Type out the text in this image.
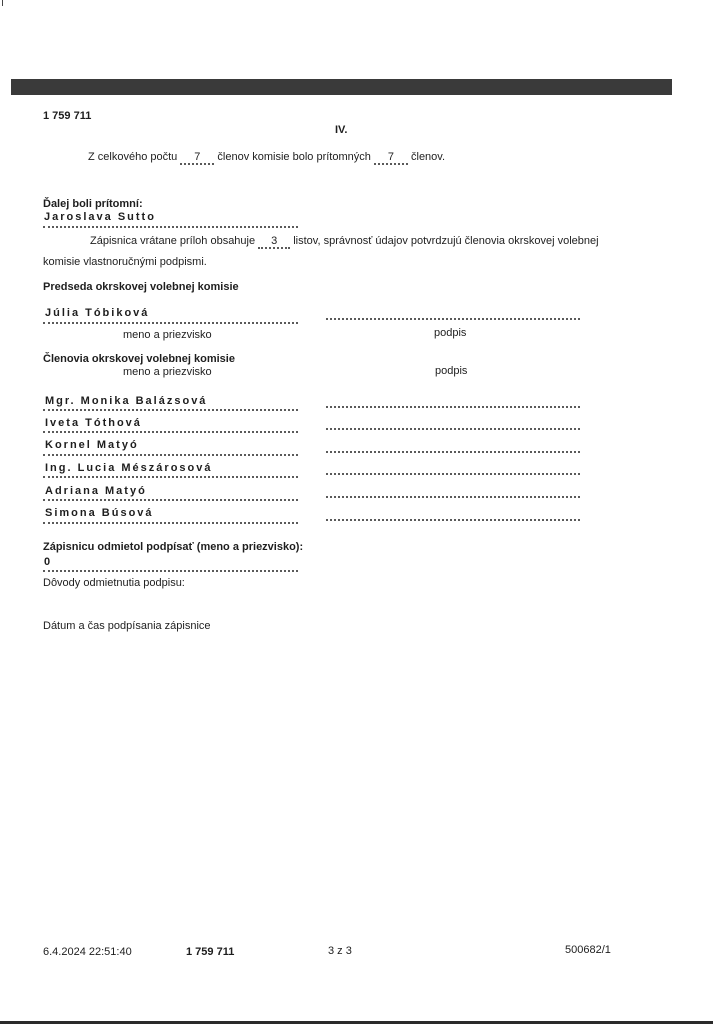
1 759 711
IV.
Z celkového počtu 7 členov komisie bolo prítomných 7 členov.
Ďalej boli prítomní:
Jaroslava Sutto
Zápisnica vrátane príloh obsahuje 3 listov, správnosť údajov potvrdzujú členovia okrskovej volebnej
komisie vlastnoručnými podpismi.
Predseda okrskovej volebnej komisie
Júlia Tóbiková
meno a priezvisko	podpis
Členovia okrskovej volebnej komisie
meno a priezvisko	podpis
Mgr. Monika Balázsová
Iveta Tóthová
Kornel Matyó
Ing. Lucia Mészárosová
Adriana Matyó
Simona Búsová
Zápisnicu odmietol podpísať (meno a priezvisko):
0
Dôvody odmietnutia podpisu:
Dátum a čas podpísania zápisnice
6.4.2024 22:51:40	1 759 711	3 z 3	500682/1
